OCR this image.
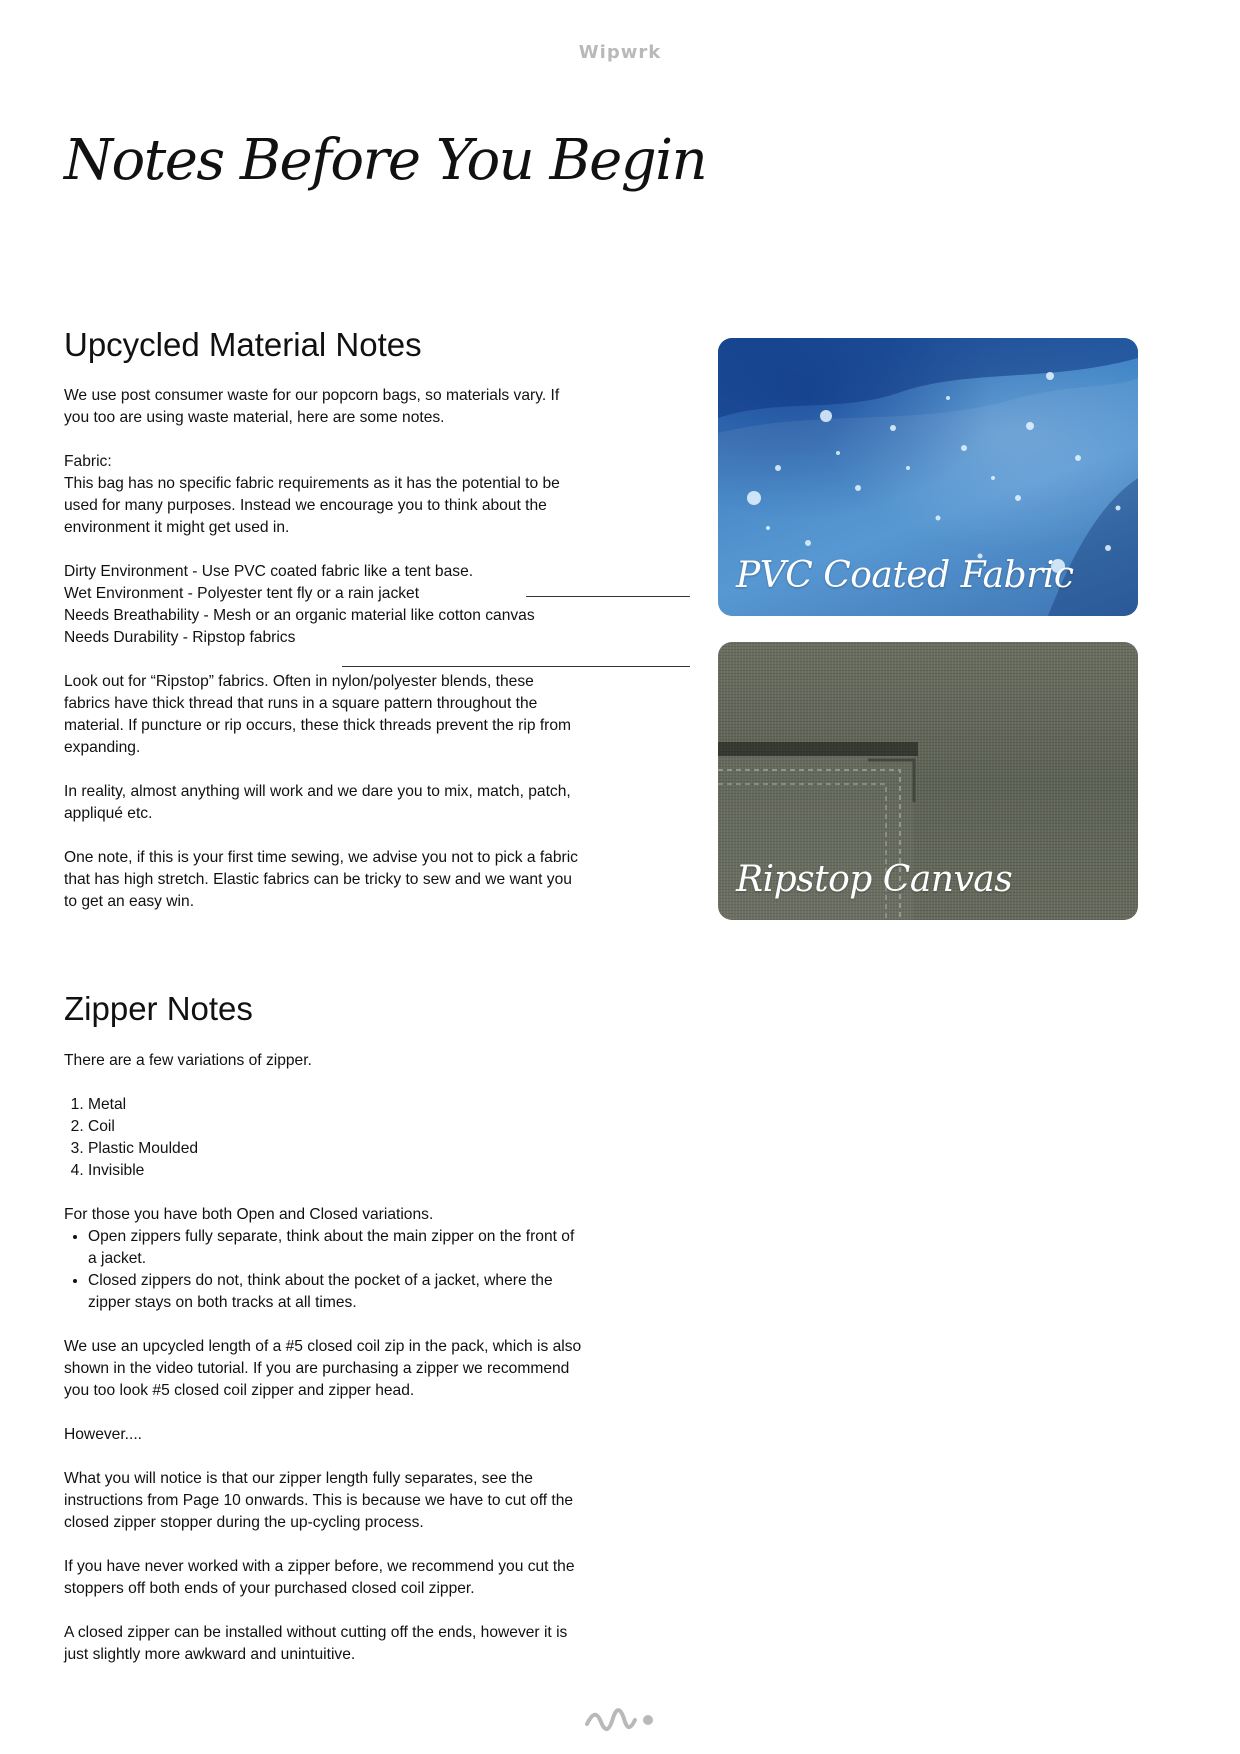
Wipwrk
Notes Before You Begin
Upcycled Material Notes

We use post consumer waste for our popcorn bags, so materials vary. If you too are using waste material, here are some notes.

Fabric:

This bag has no specific fabric requirements as it has the potential to be used for many purposes. Instead we encourage you to think about the environment it might get used in.

Dirty Environment - Use PVC coated fabric like a tent base.

Wet Environment - Polyester tent fly or a rain jacket

Needs Breathability - Mesh or an organic material like cotton canvas

Needs Durability - Ripstop fabrics

Look out for “Ripstop” fabrics. Often in nylon/polyester blends, these fabrics have thick thread that runs in a square pattern throughout the material. If puncture or rip occurs, these thick threads prevent the rip from expanding.

In reality, almost anything will work and we dare you to mix, match, patch, appliqué etc.

One note, if this is your first time sewing, we advise you not to pick a fabric that has high stretch. Elastic fabrics can be tricky to sew and we want you to get an easy win.

PVC Coated Fabric
Ripstop Canvas
Zipper Notes

There are a few variations of zipper.

1. Metal
2. Coil
3. Plastic Moulded
4. Invisible

For those you have both Open and Closed variations.

• Open zippers fully separate, think about the main zipper on the front of a jacket.
• Closed zippers do not, think about the pocket of a jacket, where the zipper stays on both tracks at all times.

We use an upcycled length of a #5 closed coil zip in the pack, which is also shown in the video tutorial. If you are purchasing a zipper we recommend you too look #5 closed coil zipper and zipper head.

However....

What you will notice is that our zipper length fully separates, see the instructions from Page 10 onwards. This is because we have to cut off the closed zipper stopper during the up-cycling process.

If you have never worked with a zipper before, we recommend you cut the stoppers off both ends of your purchased closed coil zipper.

A closed zipper can be installed without cutting off the ends, however it is just slightly more awkward and unintuitive.
